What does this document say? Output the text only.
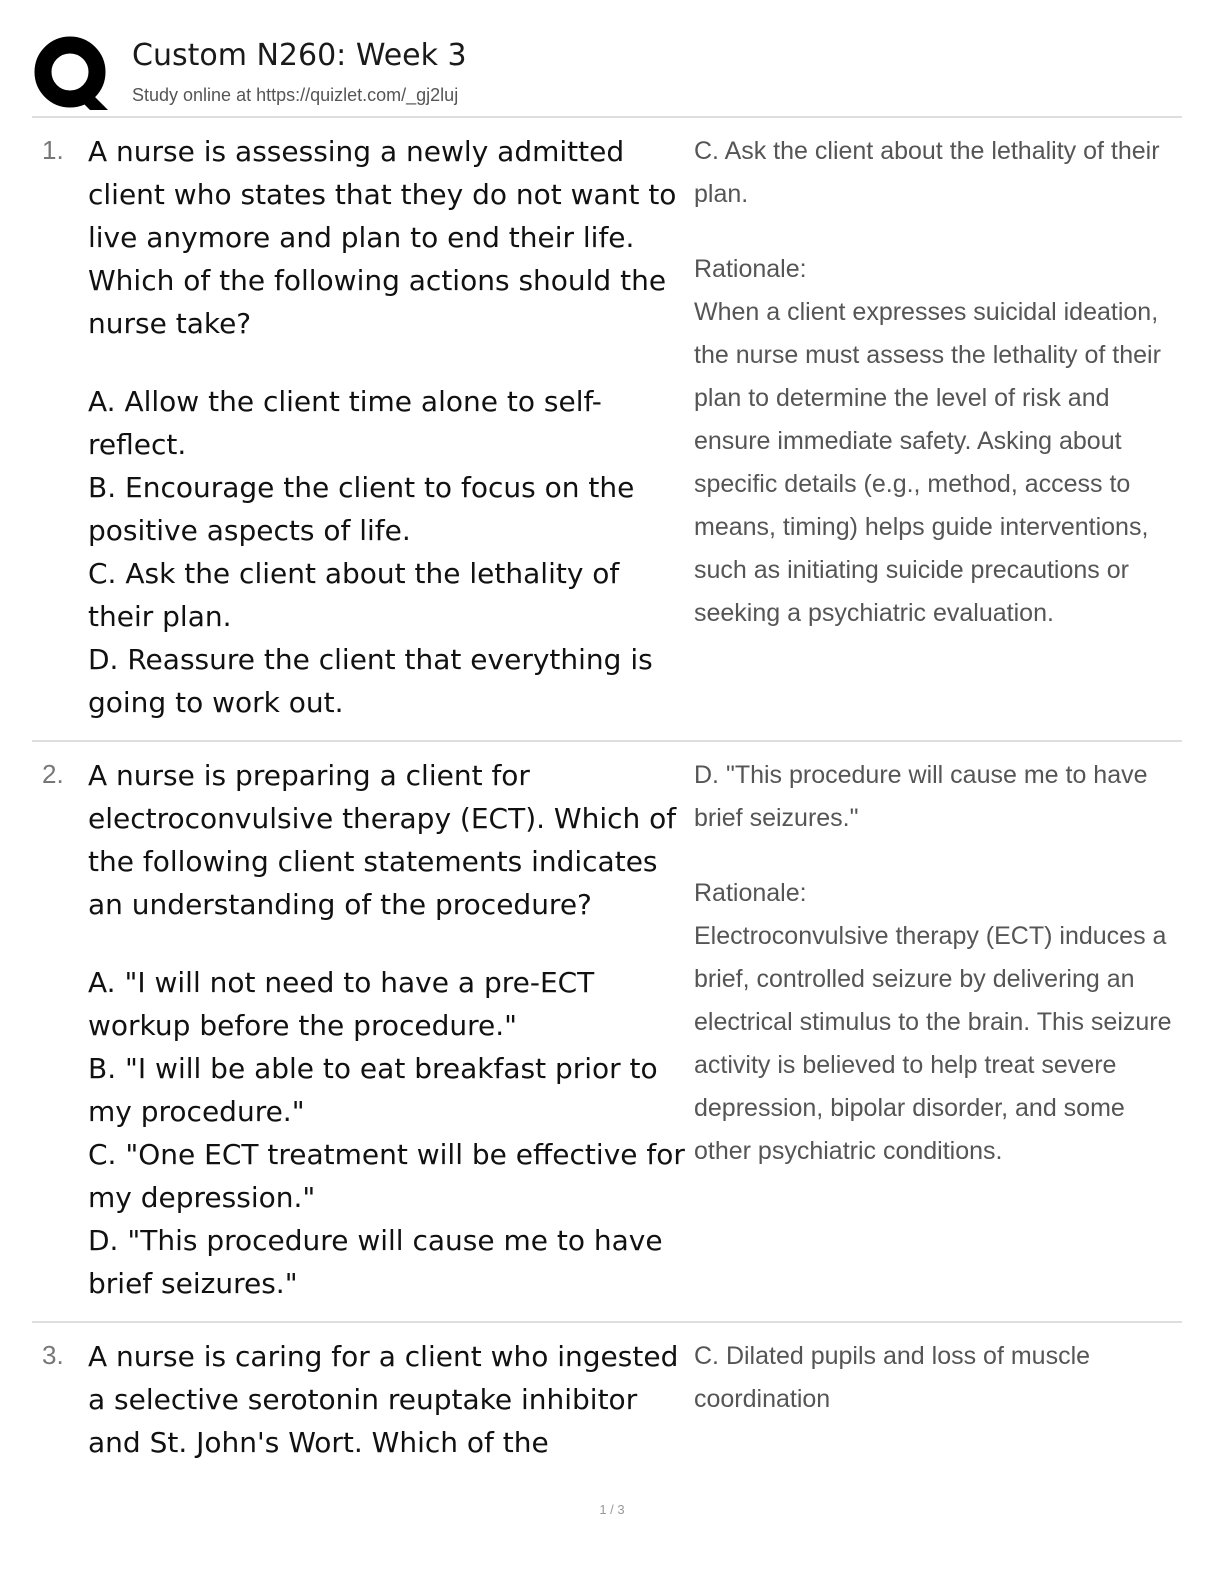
Custom N260: Week 3
Study online at https://quizlet.com/_gj2luj
1. A nurse is assessing a newly admitted client who states that they do not want to live anymore and plan to end their life. Which of the following actions should the nurse take?

A. Allow the client time alone to self-reflect.

B. Encourage the client to focus on the positive aspects of life.

C. Ask the client about the lethality of their plan.

D. Reassure the client that everything is going to work out.

C. Ask the client about the lethality of their plan.

Rationale:

When a client expresses suicidal ideation, the nurse must assess the lethality of their plan to determine the level of risk and ensure immediate safety. Asking about specific details (e.g., method, access to means, timing) helps guide interventions, such as initiating suicide precautions or seeking a psychiatric evaluation.

2. A nurse is preparing a client for electroconvulsive therapy (ECT). Which of the following client statements indicates an understanding of the procedure?

A. "I will not need to have a pre-ECT workup before the procedure."

B. "I will be able to eat breakfast prior to my procedure."

C. "One ECT treatment will be effective for my depression."

D. "This procedure will cause me to have brief seizures."

D. "This procedure will cause me to have brief seizures."

Rationale:

Electroconvulsive therapy (ECT) induces a brief, controlled seizure by delivering an electrical stimulus to the brain. This seizure activity is believed to help treat severe depression, bipolar disorder, and some other psychiatric conditions.

3. A nurse is caring for a client who ingested a selective serotonin reuptake inhibitor and St. John's Wort. Which of the

C. Dilated pupils and loss of muscle coordination

1 / 3
